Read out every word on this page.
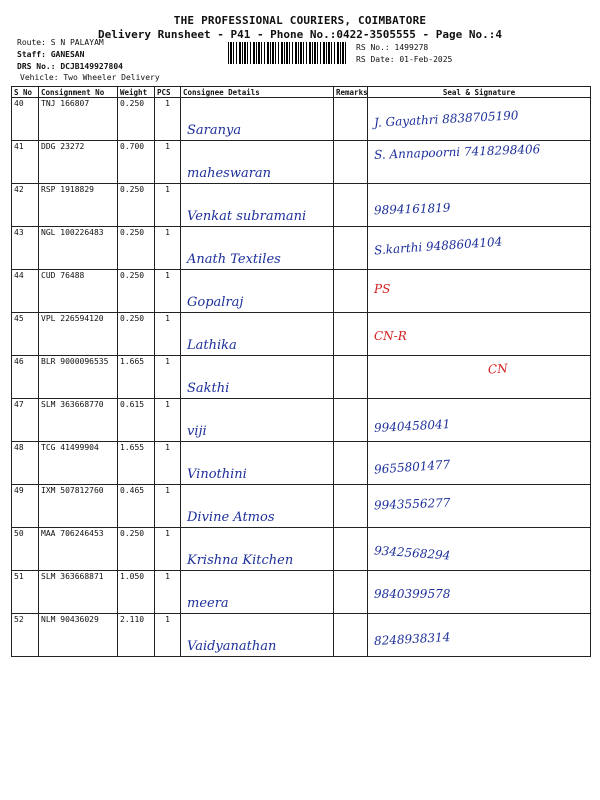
THE PROFESSIONAL COURIERS, COIMBATORE
Delivery Runsheet - P41 - Phone No.:0422-3505555 - Page No.:4
Route: S N PALAYAM
Staff: GANESAN
DRS No.: DCJB149927804
Vehicle: Two Wheeler Delivery
RS No.: 1499278
RS Date: 01-Feb-2025
S No	Consignment No	Weight	PCS	Consignee Details	Remarks	Seal & Signature
40	TNJ 166807	0.250	1	Saranya		J. Gayathri 8838705190

41	DDG 23272	0.700	1	maheswaran		S. Annapoorni 7418298406

42	RSP 1918829	0.250	1	Venkat subramani		9894161819

43	NGL 100226483	0.250	1	Anath Textiles		S.karthi 9488604104

44	CUD 76488	0.250	1	Gopalraj		PS

45	VPL 226594120	0.250	1	Lathika		CN-R

46	BLR 9000096535	1.665	1	Sakthi		CN

47	SLM 363668770	0.615	1	viji		9940458041

48	TCG 41499904	1.655	1	Vinothini		9655801477

49	IXM 507812760	0.465	1	Divine Atmos		9943556277

50	MAA 706246453	0.250	1	Krishna Kitchen		9342568294

51	SLM 363668871	1.050	1	meera		9840399578

52	NLM 90436029	2.110	1	Vaidyanathan		8248938314
